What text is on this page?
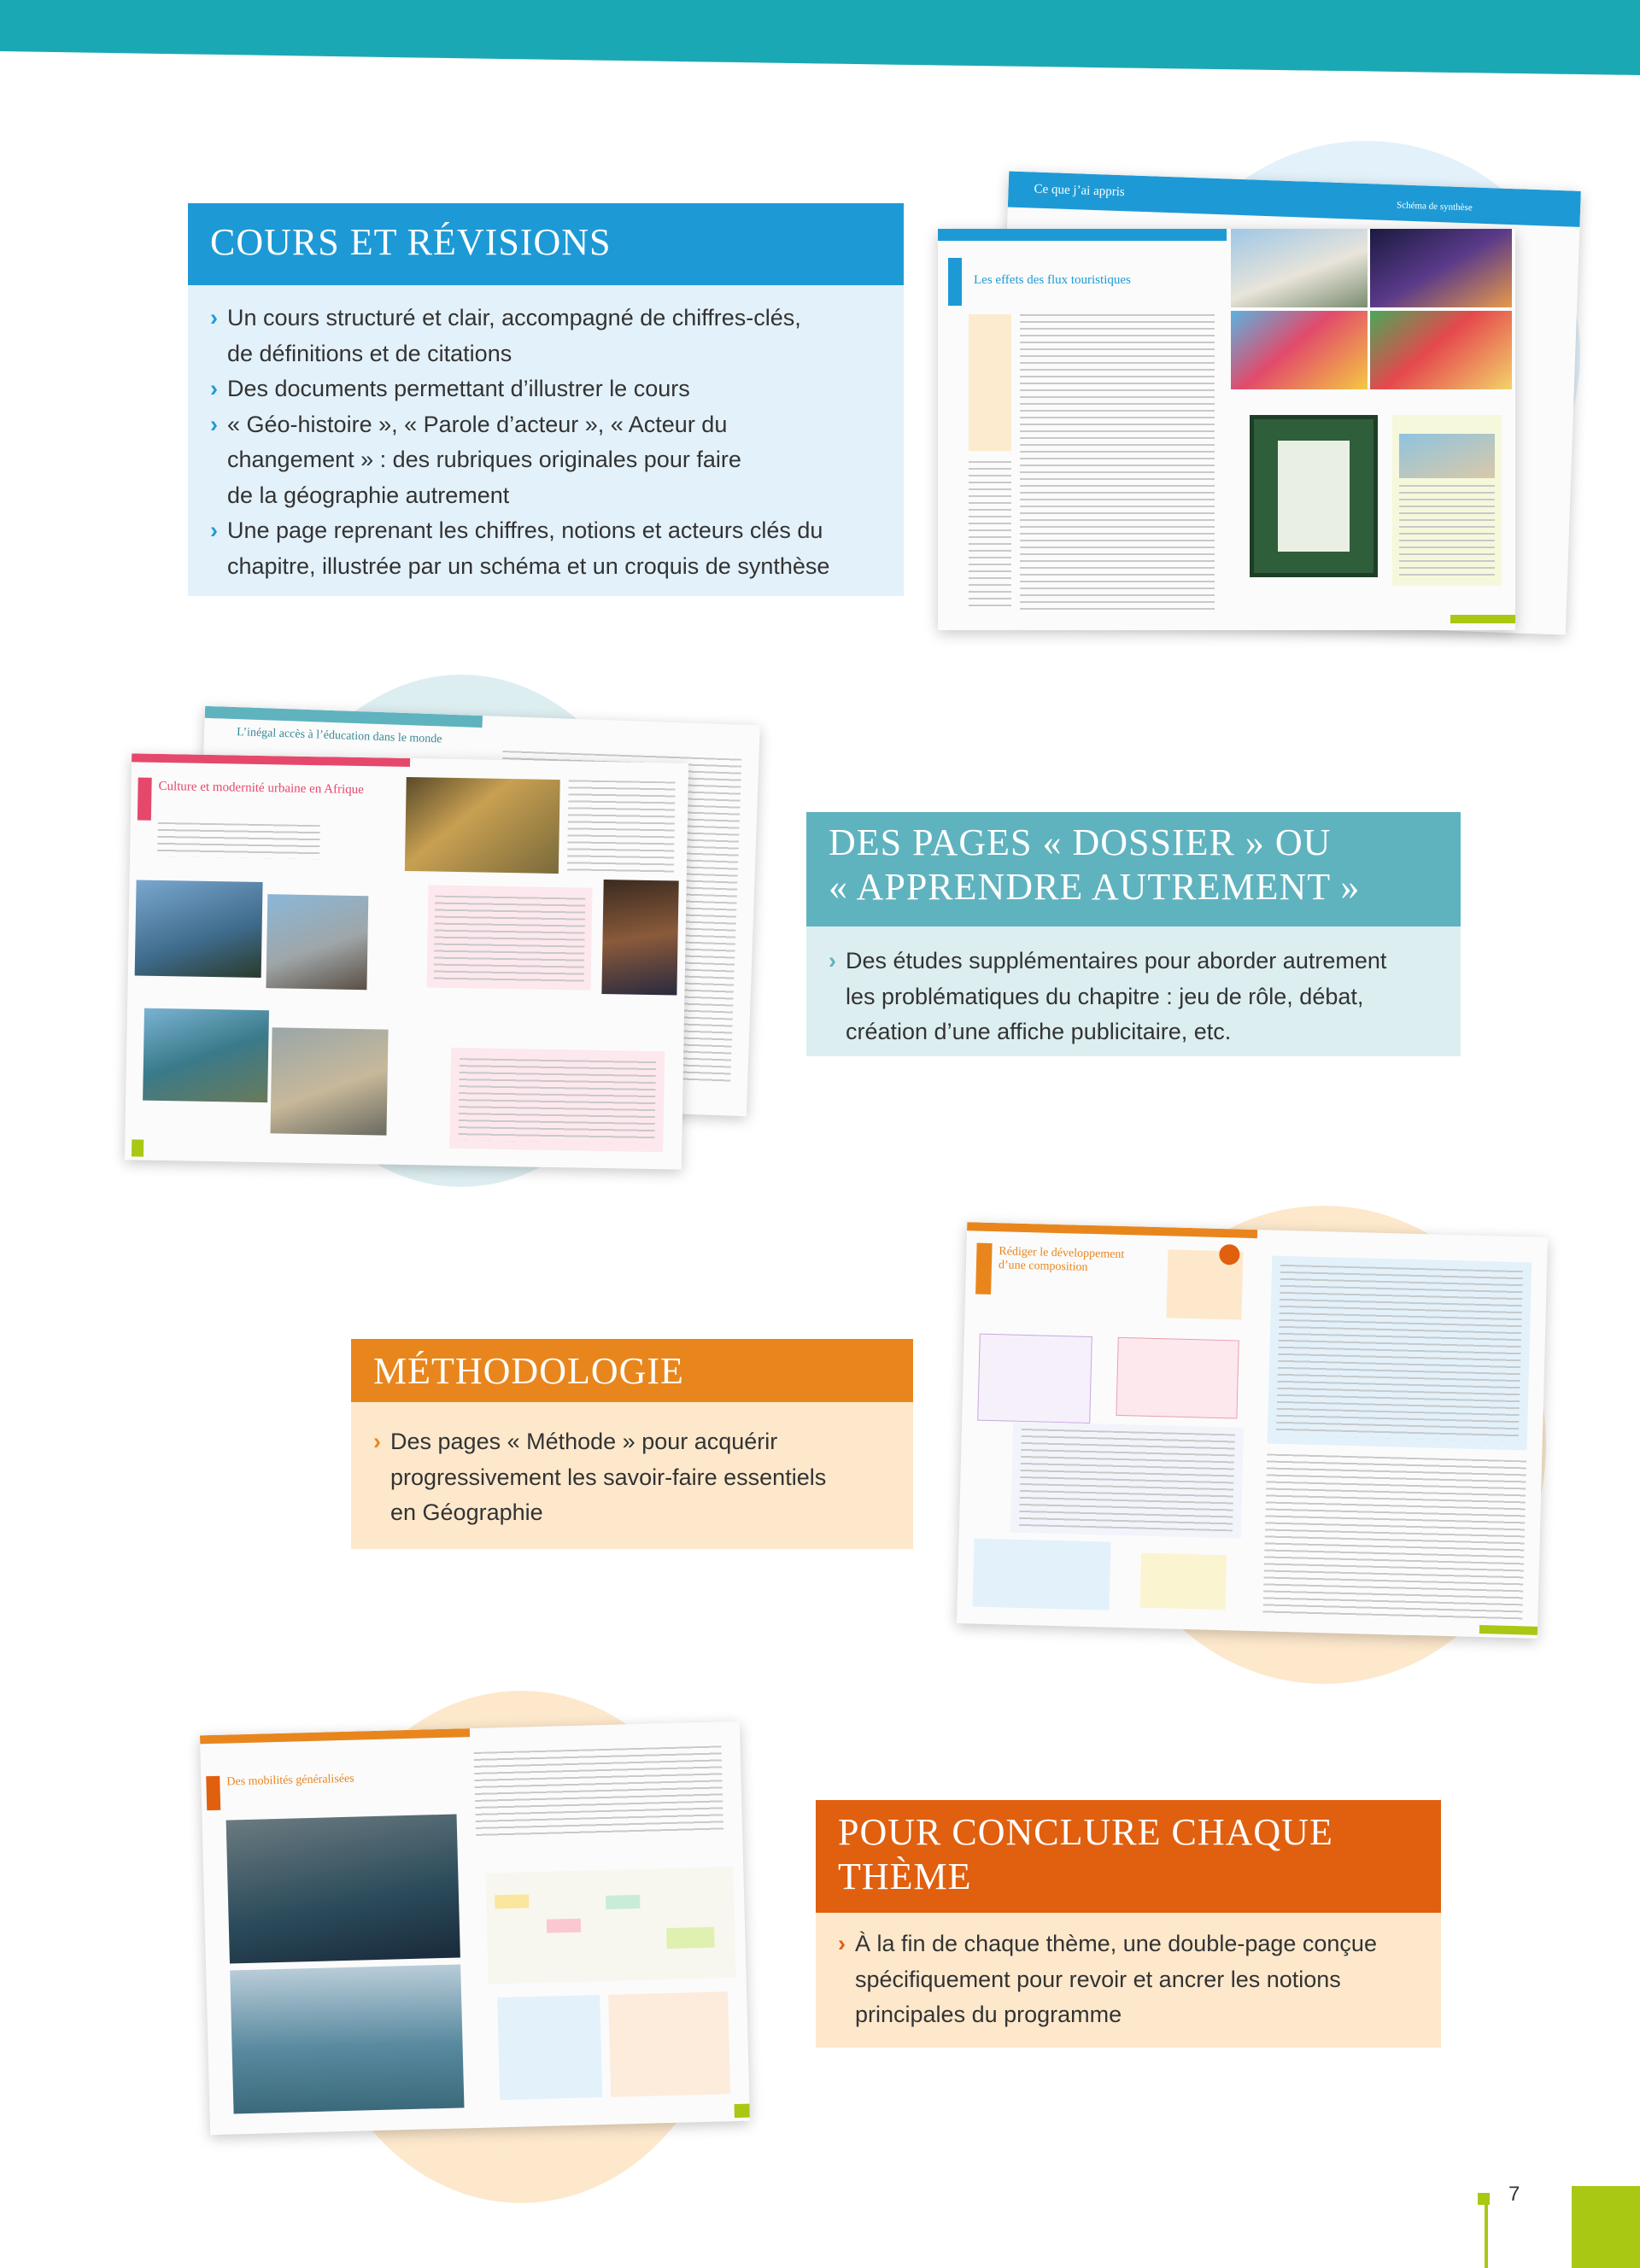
COURS ET RÉVISIONS
› Un cours structuré et clair, accompagné de chiffres-clés,
de définitions et de citations
› Des documents permettant d’illustrer le cours
› « Géo-histoire », « Parole d’acteur », « Acteur du
changement » : des rubriques originales pour faire
de la géographie autrement
› Une page reprenant les chiffres, notions et acteurs clés du
chapitre, illustrée par un schéma et un croquis de synthèse
Ce que j’ai appris
Schéma de synthèse
Les effets des flux touristiques
L’inégal accès à l’éducation dans le monde
Culture et modernité urbaine en Afrique
DES PAGES « DOSSIER » OU
« APPRENDRE AUTREMENT »
› Des études supplémentaires pour aborder autrement
les problématiques du chapitre : jeu de rôle, débat,
création d’une affiche publicitaire, etc.
MÉTHODOLOGIE
› Des pages « Méthode » pour acquérir
progressivement les savoir-faire essentiels
en Géographie
Rédiger le développement d’une composition
Des mobilités généralisées
POUR CONCLURE CHAQUE
THÈME
› À la fin de chaque thème, une double-page conçue
spécifiquement pour revoir et ancrer les notions
principales du programme
7
